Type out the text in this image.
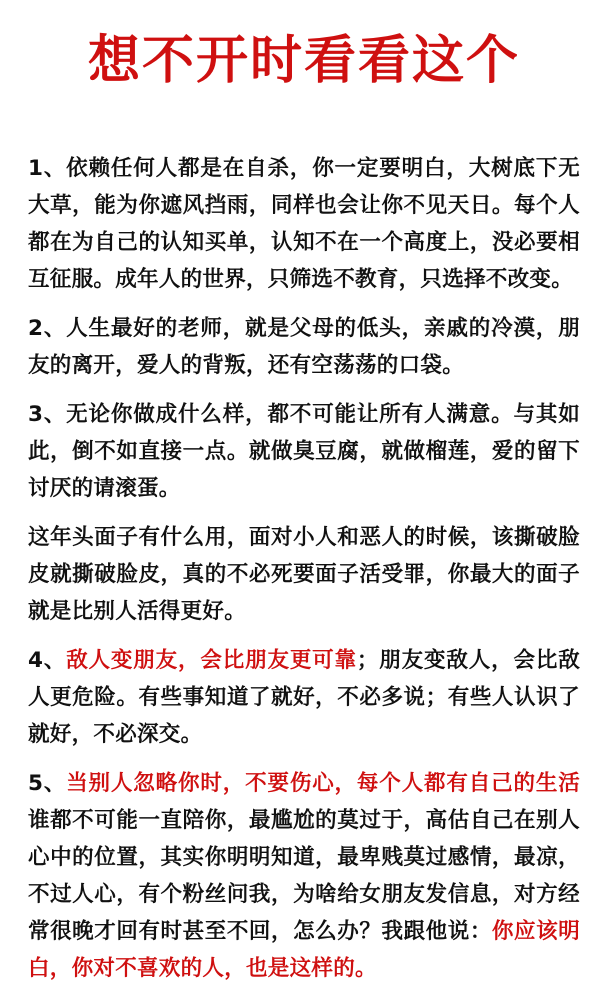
想不开时看看这个

1、依赖任何人都是在自杀，你一定要明白，大树底下无大草，能为你遮风挡雨，同样也会让你不见天日。每个人都在为自己的认知买单，认知不在一个高度上，没必要相互征服。成年人的世界，只筛选不教育，只选择不改变。

2、人生最好的老师，就是父母的低头，亲戚的冷漠，朋友的离开，爱人的背叛，还有空荡荡的口袋。

3、无论你做成什么样，都不可能让所有人满意。与其如此，倒不如直接一点。就做臭豆腐，就做榴莲，爱的留下讨厌的请滚蛋。

这年头面子有什么用，面对小人和恶人的时候，该撕破脸皮就撕破脸皮，真的不必死要面子活受罪，你最大的面子就是比别人活得更好。

4、敌人变朋友，会比朋友更可靠；朋友变敌人，会比敌人更危险。有些事知道了就好，不必多说；有些人认识了就好，不必深交。

5、当别人忽略你时，不要伤心，每个人都有自己的生活谁都不可能一直陪你，最尴尬的莫过于，高估自己在别人心中的位置，其实你明明知道，最卑贱莫过感情，最凉，不过人心，有个粉丝问我，为啥给女朋友发信息，对方经常很晚才回有时甚至不回，怎么办？我跟他说：你应该明白，你对不喜欢的人，也是这样的。
